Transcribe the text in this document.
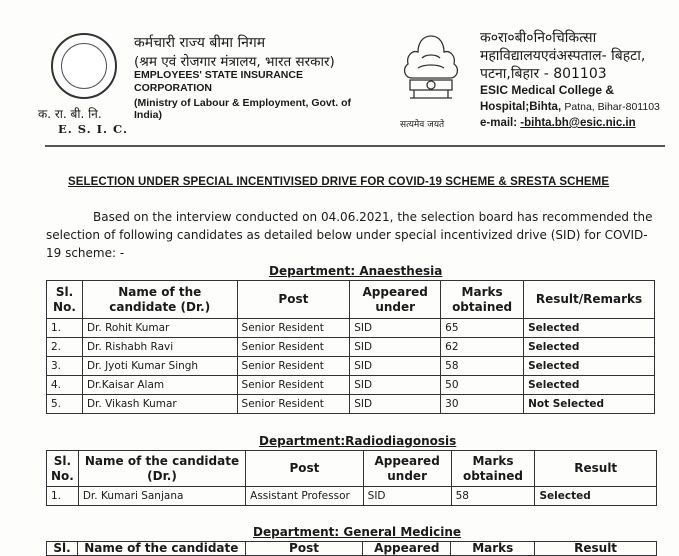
क. रा. बी. नि.
E. S. I. C.
कर्मचारी राज्य बीमा निगम
(श्रम एवं रोजगार मंत्रालय, भारत सरकार)
EMPLOYEES' STATE INSURANCE CORPORATION
(Ministry of Labour & Employment, Govt. of India)
सत्यमेव जयते
क०रा०बी०नि०चिकित्सा
महाविद्यालयएवंअस्पताल- बिहटा,
पटना,बिहार - 801103
ESIC Medical College &
Hospital;Bihta, Patna, Bihar-801103
e-mail: -bihta.bh@esic.nic.in
SELECTION UNDER SPECIAL INCENTIVISED DRIVE FOR COVID-19 SCHEME & SRESTA SCHEME
Based on the interview conducted on 04.06.2021, the selection board has recommended the selection of following candidates as detailed below under special incentivized drive (SID) for COVID-19 scheme: -
Department: Anaesthesia
Sl. No.	Name of the candidate (Dr.)	Post	Appeared under	Marks obtained	Result/Remarks
1.	Dr. Rohit Kumar	Senior Resident	SID	65	Selected
2.	Dr. Rishabh Ravi	Senior Resident	SID	62	Selected
3.	Dr. Jyoti Kumar Singh	Senior Resident	SID	58	Selected
4.	Dr.Kaisar Alam	Senior Resident	SID	50	Selected
5.	Dr. Vikash Kumar	Senior Resident	SID	30	Not Selected
Department:Radiodiagonosis
Sl. No.	Name of the candidate (Dr.)	Post	Appeared under	Marks obtained	Result
1.	Dr. Kumari Sanjana	Assistant Professor	SID	58	Selected
Department: General Medicine
Sl.	Name of the candidate	Post	Appeared	Marks	Result
